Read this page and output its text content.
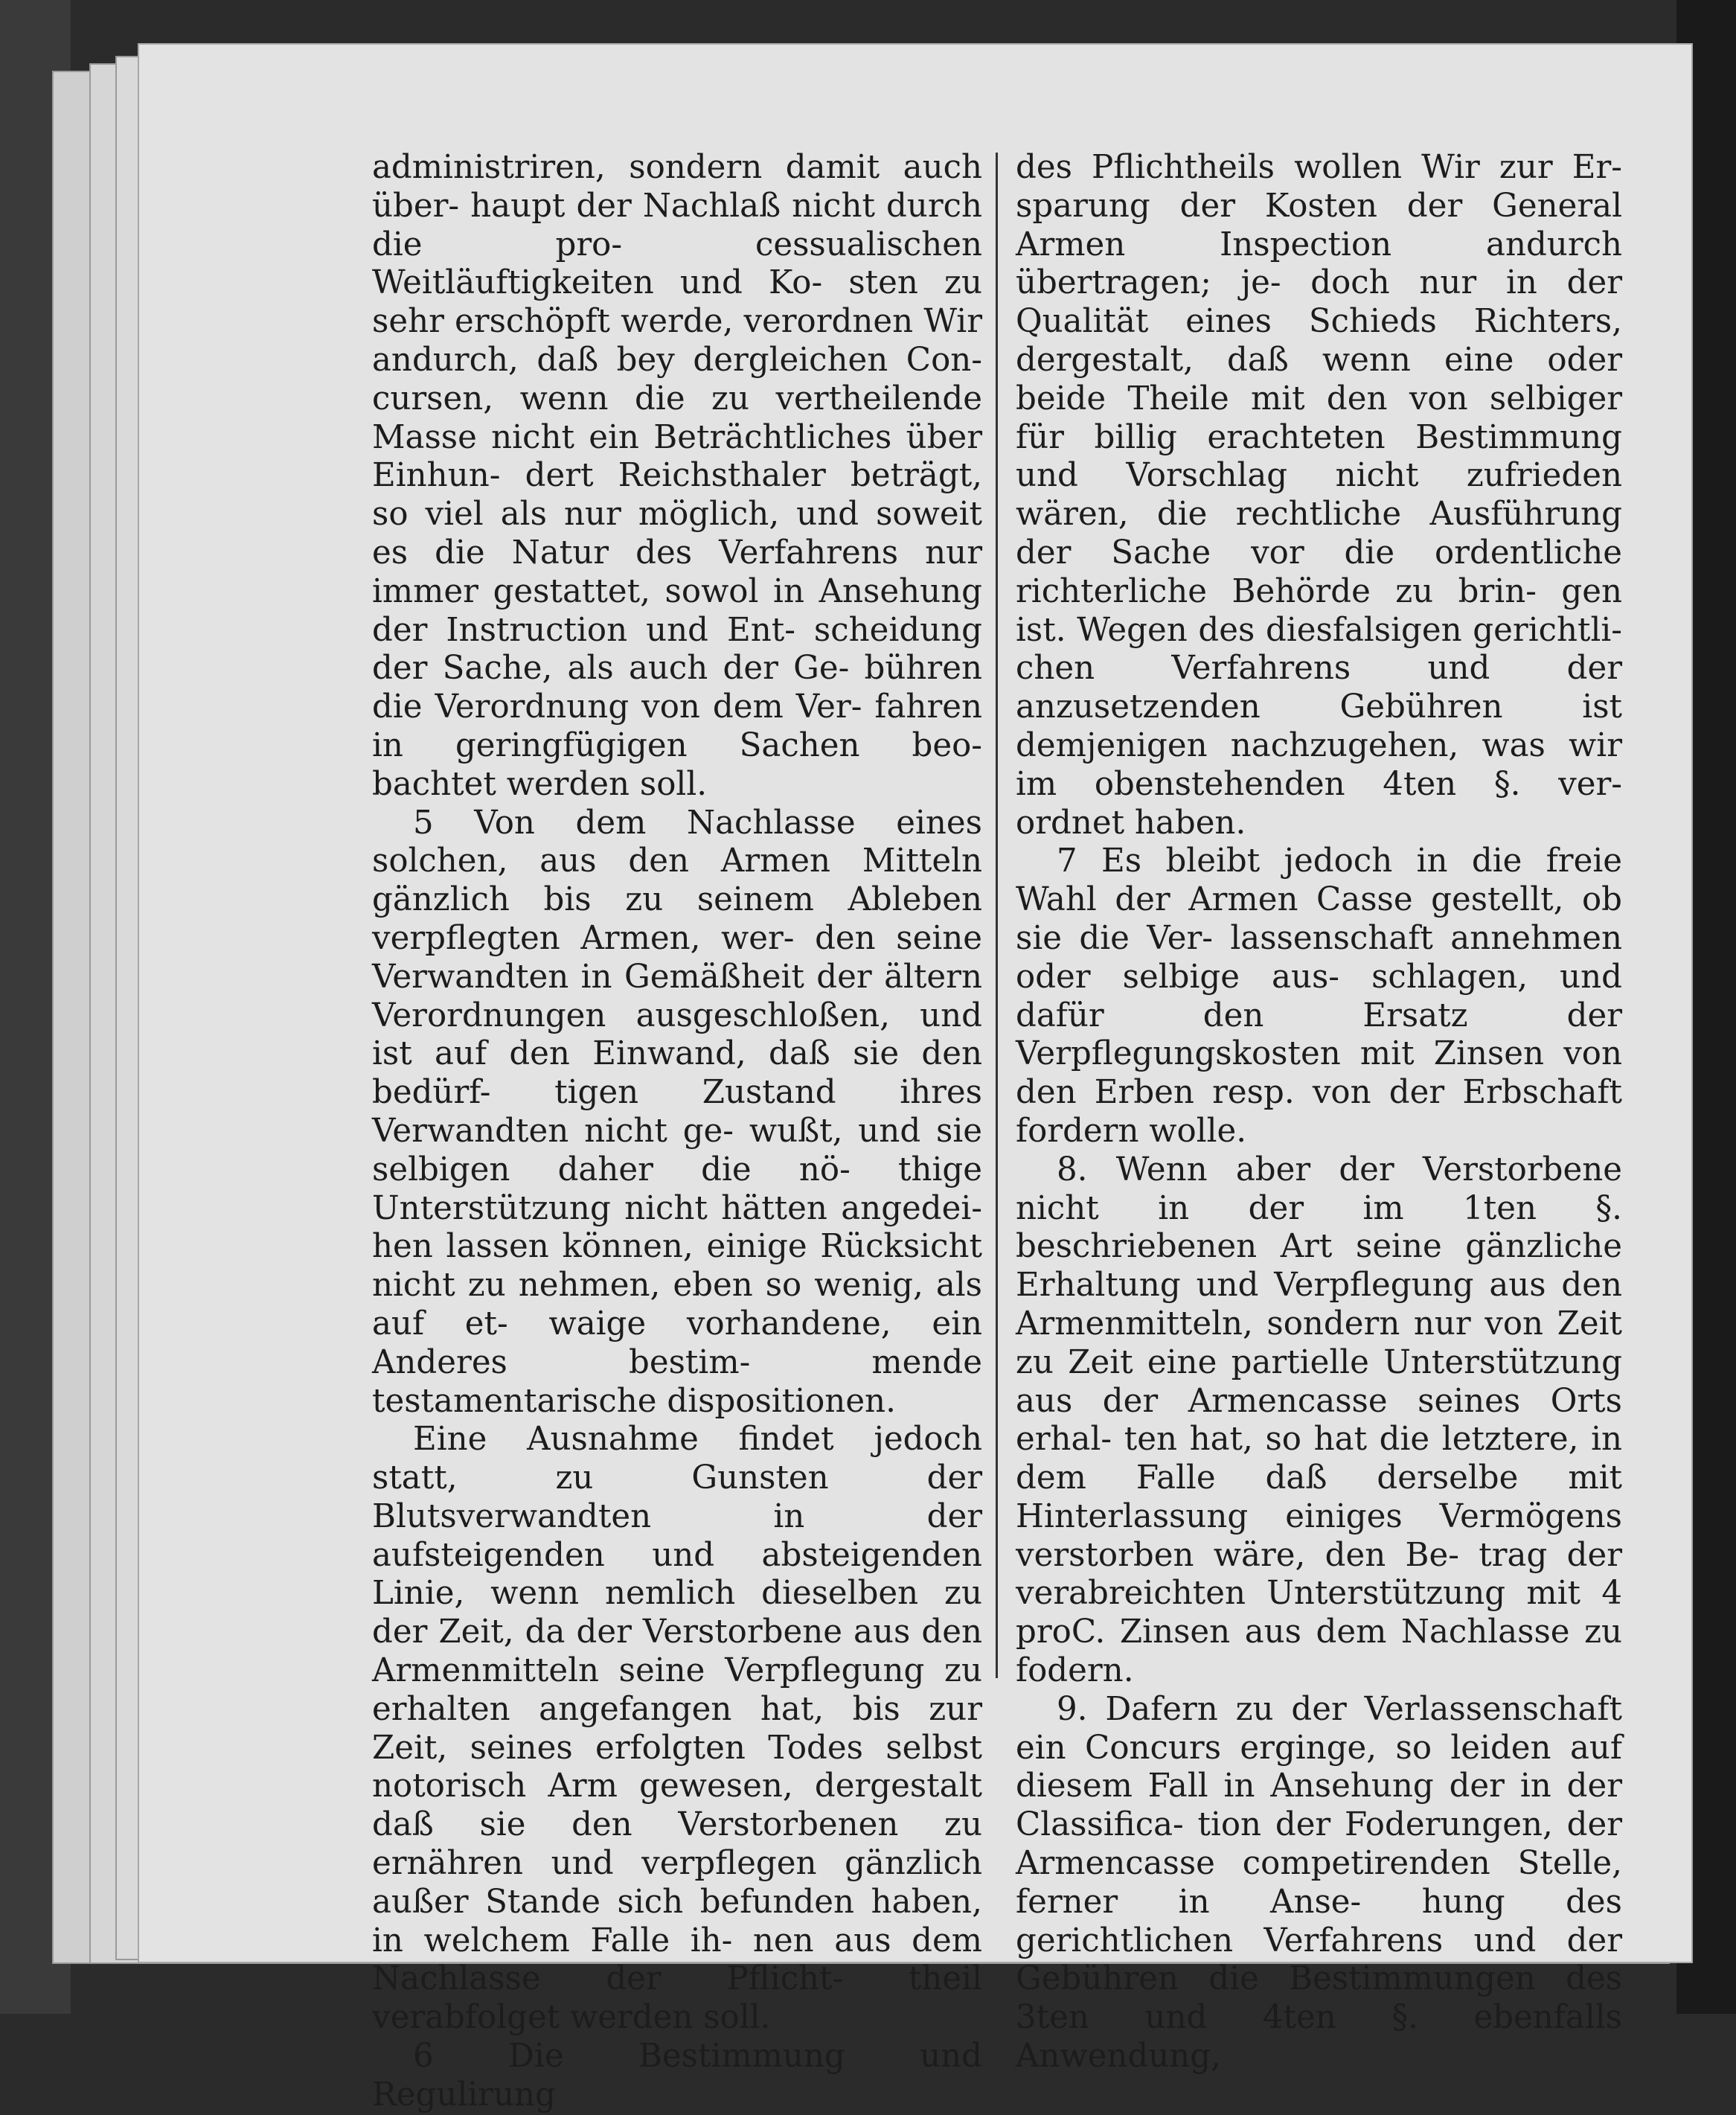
administriren, sondern damit auch über- haupt der Nachlaß nicht durch die pro- cessualischen Weitläuftigkeiten und Ko- sten zu sehr erschöpft werde, verordnen Wir andurch, daß bey dergleichen Con- cursen, wenn die zu vertheilende Masse nicht ein Beträchtliches über Einhun- dert Reichsthaler beträgt, so viel als nur möglich, und soweit es die Natur des Verfahrens nur immer gestattet, sowol in Ansehung der Instruction und Ent- scheidung der Sache, als auch der Ge- bühren die Verordnung von dem Ver- fahren in geringfügigen Sachen beo- bachtet werden soll.

5 Von dem Nachlasse eines solchen, aus den Armen Mitteln gänzlich bis zu seinem Ableben verpflegten Armen, wer- den seine Verwandten in Gemäßheit der ältern Verordnungen ausgeschloßen, und ist auf den Einwand, daß sie den bedürf- tigen Zustand ihres Verwandten nicht ge- wußt, und sie selbigen daher die nö- thige Unterstützung nicht hätten angedei- hen lassen können, einige Rücksicht nicht zu nehmen, eben so wenig, als auf et- waige vorhandene, ein Anderes bestim- mende testamentarische dispositionen.

Eine Ausnahme findet jedoch statt, zu Gunsten der Blutsverwandten in der aufsteigenden und absteigenden Linie, wenn nemlich dieselben zu der Zeit, da der Verstorbene aus den Armenmitteln seine Verpflegung zu erhalten angefangen hat, bis zur Zeit, seines erfolgten Todes selbst notorisch Arm gewesen, dergestalt daß sie den Verstorbenen zu ernähren und verpflegen gänzlich außer Stande sich befunden haben, in welchem Falle ih- nen aus dem Nachlasse der Pflicht- theil verabfolget werden soll.

6 Die Bestimmung und Regulirung

des Pflichtheils wollen Wir zur Er- sparung der Kosten der General Armen Inspection andurch übertragen; je- doch nur in der Qualität eines Schieds Richters, dergestalt, daß wenn eine oder beide Theile mit den von selbiger für billig erachteten Bestimmung und Vorschlag nicht zufrieden wären, die rechtliche Ausführung der Sache vor die ordentliche richterliche Behörde zu brin- gen ist. Wegen des diesfalsigen gerichtli- chen Verfahrens und der anzusetzenden Gebühren ist demjenigen nachzugehen, was wir im obenstehenden 4ten §. ver- ordnet haben.

7 Es bleibt jedoch in die freie Wahl der Armen Casse gestellt, ob sie die Ver- lassenschaft annehmen oder selbige aus- schlagen, und dafür den Ersatz der Verpflegungskosten mit Zinsen von den Erben resp. von der Erbschaft fordern wolle.

8. Wenn aber der Verstorbene nicht in der im 1ten §. beschriebenen Art seine gänzliche Erhaltung und Verpflegung aus den Armenmitteln, sondern nur von Zeit zu Zeit eine partielle Unterstützung aus der Armencasse seines Orts erhal- ten hat, so hat die letztere, in dem Falle daß derselbe mit Hinterlassung einiges Vermögens verstorben wäre, den Be- trag der verabreichten Unterstützung mit 4 proC. Zinsen aus dem Nachlasse zu fodern.

9. Dafern zu der Verlassenschaft ein Concurs erginge, so leiden auf diesem Fall in Ansehung der in der Classifica- tion der Foderungen, der Armencasse competirenden Stelle, ferner in Anse- hung des gerichtlichen Verfahrens und der Gebühren die Bestimmungen des 3ten und 4ten §. ebenfalls Anwendung,
